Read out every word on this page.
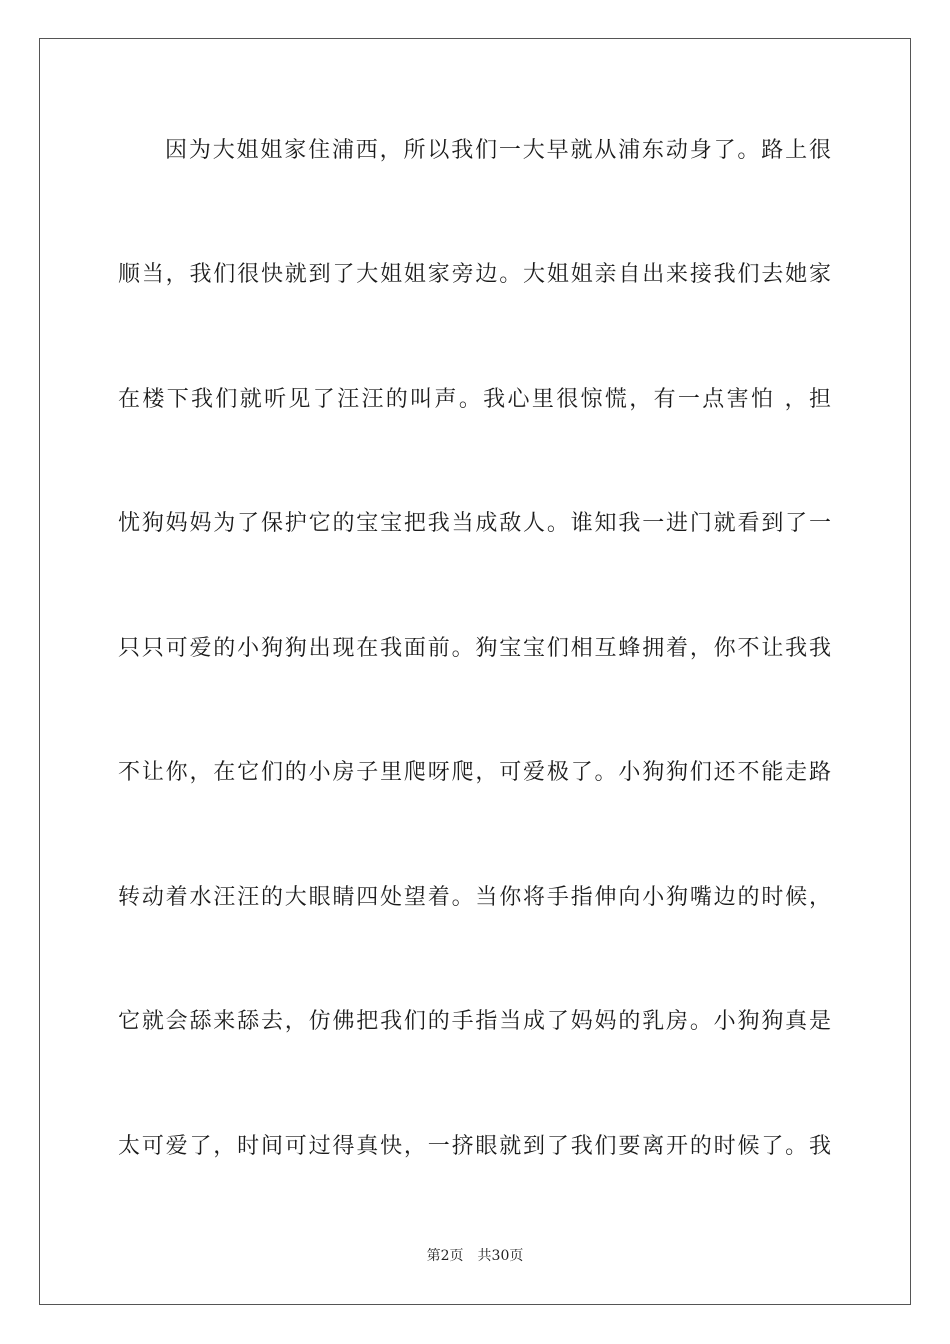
因为大姐姐家住浦西，所以我们一大早就从浦东动身了。路上很
顺当，我们很快就到了大姐姐家旁边。大姐姐亲自出来接我们去她家
在楼下我们就听见了汪汪的叫声。我心里很惊慌，有一点害怕 ，担
忧狗妈妈为了保护它的宝宝把我当成敌人。谁知我一进门就看到了一
只只可爱的小狗狗出现在我面前。狗宝宝们相互蜂拥着，你不让我我
不让你，在它们的小房子里爬呀爬，可爱极了。小狗狗们还不能走路
转动着水汪汪的大眼睛四处望着。当你将手指伸向小狗嘴边的时候，
它就会舔来舔去，仿佛把我们的手指当成了妈妈的乳房。小狗狗真是
太可爱了，时间可过得真快，一挤眼就到了我们要离开的时候了。我
第2页 共30页
